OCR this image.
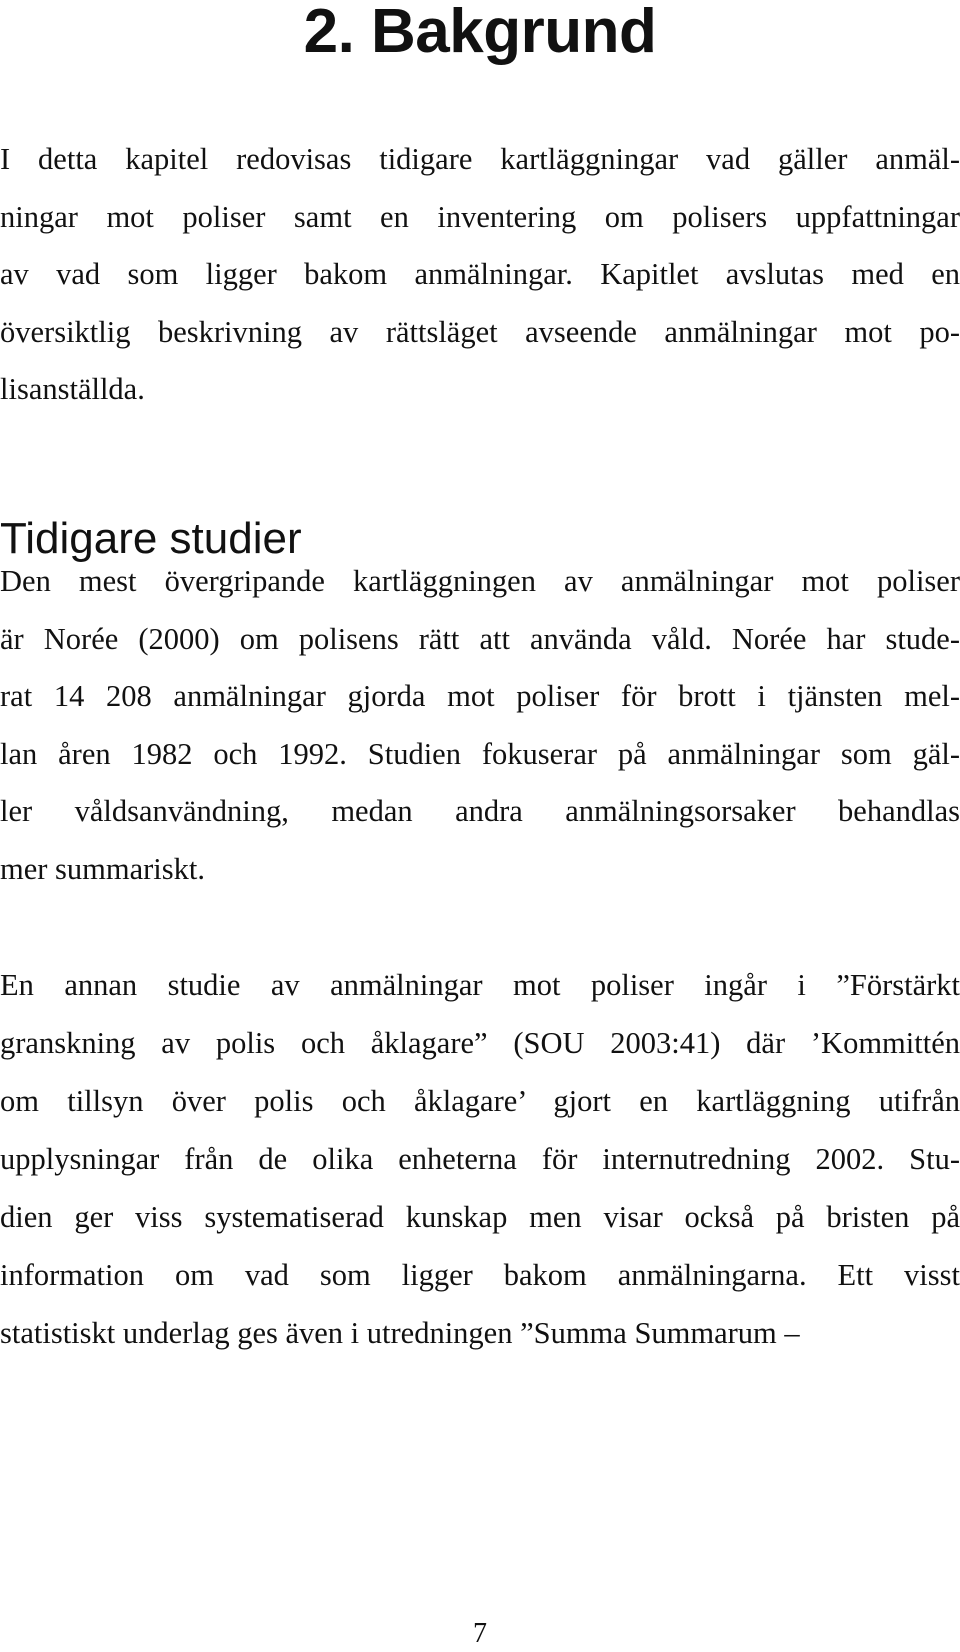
2. Bakgrund
I detta kapitel redovisas tidigare kartläggningar vad gäller anmäl-
ningar mot poliser samt en inventering om polisers uppfattningar
av vad som ligger bakom anmälningar. Kapitlet avslutas med en
översiktlig beskrivning av rättsläget avseende anmälningar mot po-
lisanställda.
Tidigare studier
Den mest övergripande kartläggningen av anmälningar mot poliser
är Norée (2000) om polisens rätt att använda våld. Norée har stude-
rat 14 208 anmälningar gjorda mot poliser för brott i tjänsten mel-
lan åren 1982 och 1992. Studien fokuserar på anmälningar som gäl-
ler våldsanvändning, medan andra anmälningsorsaker behandlas
mer summariskt.
En annan studie av anmälningar mot poliser ingår i ”Förstärkt
granskning av polis och åklagare” (SOU 2003:41) där ’Kommittén
om tillsyn över polis och åklagare’ gjort en kartläggning utifrån
upplysningar från de olika enheterna för internutredning 2002. Stu-
dien ger viss systematiserad kunskap men visar också på bristen på
information om vad som ligger bakom anmälningarna. Ett visst
statistiskt underlag ges även i utredningen ”Summa Summarum –
7
